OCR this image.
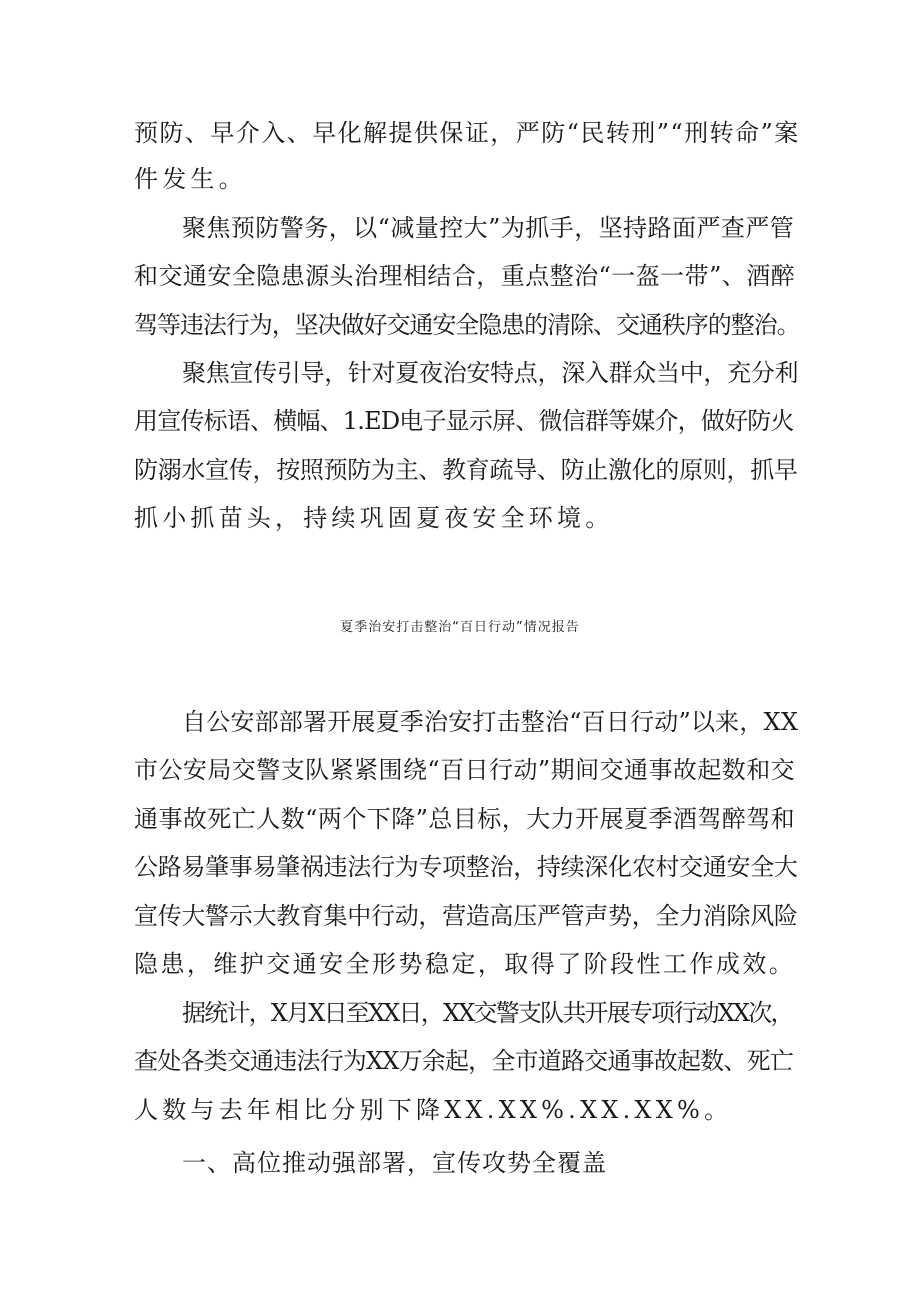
预防、早介入、早化解提供保证，严防“民转刑”“刑转命”案
件发生。
聚焦预防警务，以“减量控大”为抓手，坚持路面严查严管
和交通安全隐患源头治理相结合，重点整治“一盔一带”、酒醉
驾等违法行为，坚决做好交通安全隐患的清除、交通秩序的整治。
聚焦宣传引导，针对夏夜治安特点，深入群众当中，充分利
用宣传标语、横幅、1.ED电子显示屏、微信群等媒介，做好防火
防溺水宣传，按照预防为主、教育疏导、防止激化的原则，抓早
抓小抓苗头，持续巩固夏夜安全环境。
夏季治安打击整治“百日行动”情况报告
自公安部部署开展夏季治安打击整治“百日行动”以来，XX
市公安局交警支队紧紧围绕“百日行动”期间交通事故起数和交
通事故死亡人数“两个下降”总目标，大力开展夏季酒驾醉驾和
公路易肇事易肇祸违法行为专项整治，持续深化农村交通安全大
宣传大警示大教育集中行动，营造高压严管声势，全力消除风险
隐患，维护交通安全形势稳定，取得了阶段性工作成效。
据统计，X月X日至XX日，XX交警支队共开展专项行动XX次，
查处各类交通违法行为XX万余起，全市道路交通事故起数、死亡
人数与去年相比分别下降XX.XX%.XX.XX%。
一、高位推动强部署，宣传攻势全覆盖
